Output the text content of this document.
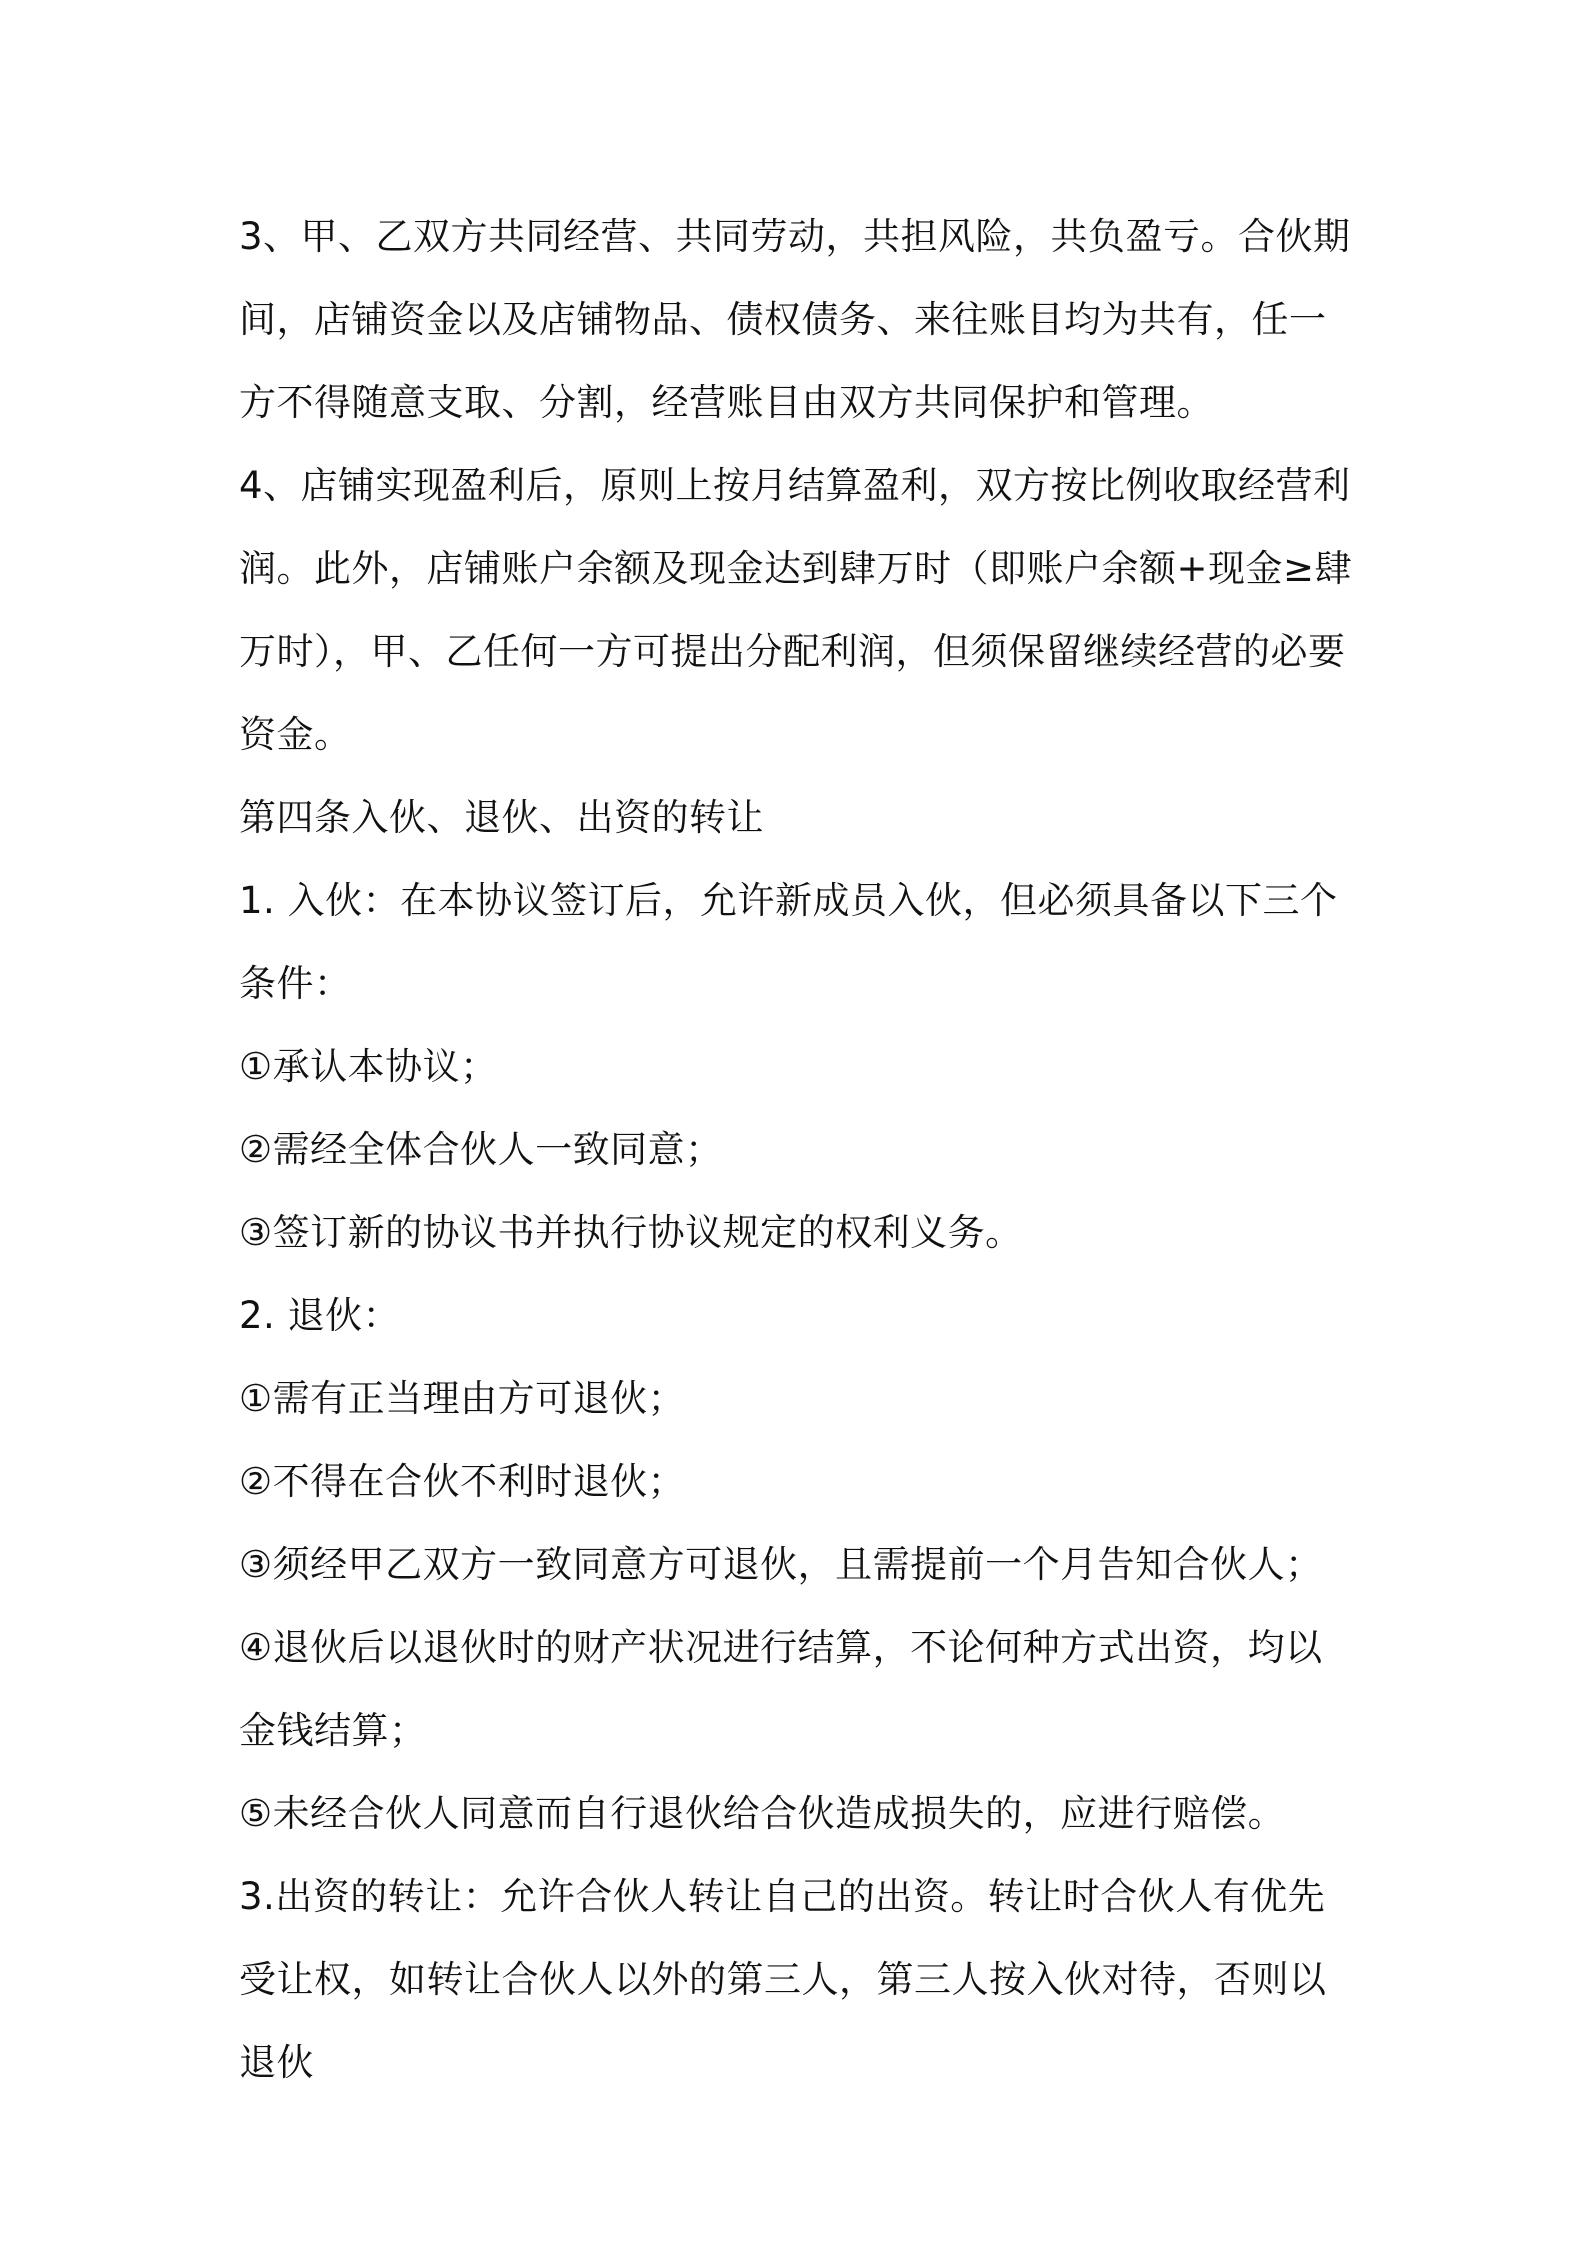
3、甲、乙双方共同经营、共同劳动，共担风险，共负盈亏。合伙期间，店铺资金以及店铺物品、债权债务、来往账目均为共有，任一方不得随意支取、分割，经营账目由双方共同保护和管理。

4、店铺实现盈利后，原则上按月结算盈利，双方按比例收取经营利润。此外，店铺账户余额及现金达到肆万时（即账户余额+现金≥肆万时），甲、乙任何一方可提出分配利润，但须保留继续经营的必要资金。

第四条入伙、退伙、出资的转让

1. 入伙：在本协议签订后，允许新成员入伙，但必须具备以下三个条件：

①承认本协议；

②需经全体合伙人一致同意；

③签订新的协议书并执行协议规定的权利义务。

2. 退伙：

①需有正当理由方可退伙；

②不得在合伙不利时退伙；

③须经甲乙双方一致同意方可退伙，且需提前一个月告知合伙人；

④退伙后以退伙时的财产状况进行结算，不论何种方式出资，均以金钱结算；

⑤未经合伙人同意而自行退伙给合伙造成损失的，应进行赔偿。

3.出资的转让：允许合伙人转让自己的出资。转让时合伙人有优先受让权，如转让合伙人以外的第三人，第三人按入伙对待，否则以退伙
